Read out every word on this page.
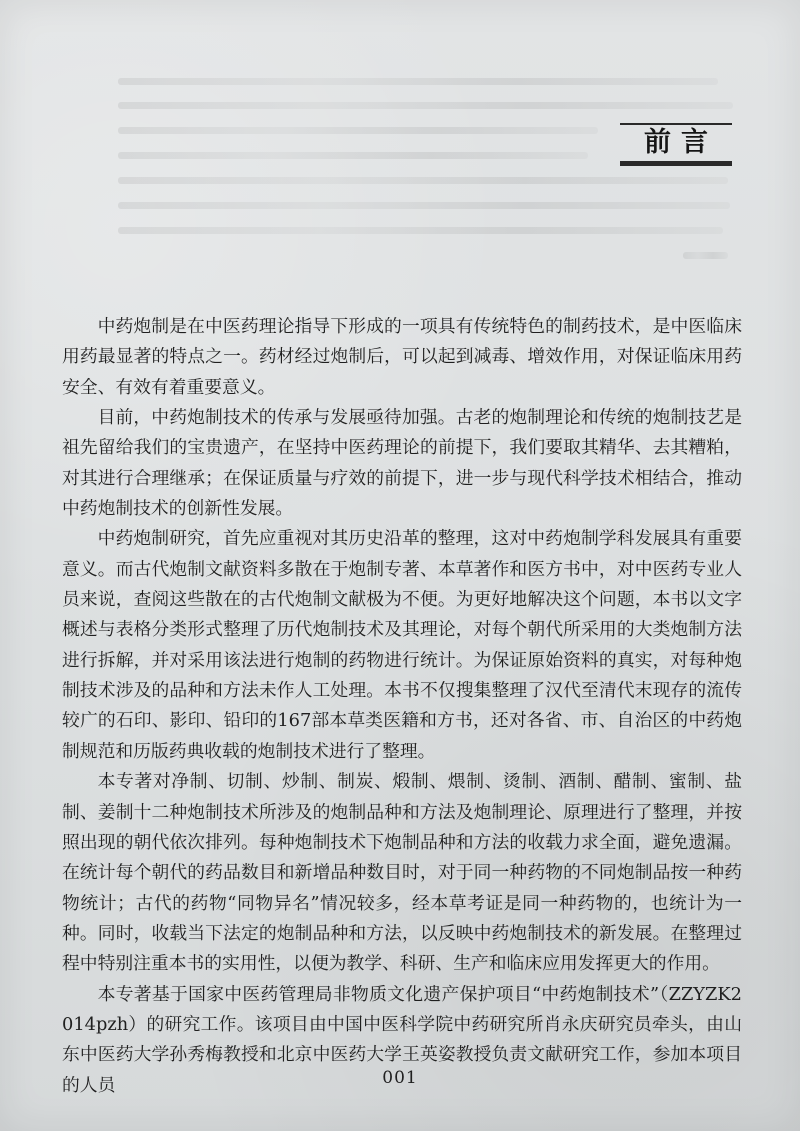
前言

中药炮制是在中医药理论指导下形成的一项具有传统特色的制药技术，是中医临床用药最显著的特点之一。药材经过炮制后，可以起到减毒、增效作用，对保证临床用药安全、有效有着重要意义。

目前，中药炮制技术的传承与发展亟待加强。古老的炮制理论和传统的炮制技艺是祖先留给我们的宝贵遗产，在坚持中医药理论的前提下，我们要取其精华、去其糟粕，对其进行合理继承；在保证质量与疗效的前提下，进一步与现代科学技术相结合，推动中药炮制技术的创新性发展。

中药炮制研究，首先应重视对其历史沿革的整理，这对中药炮制学科发展具有重要意义。而古代炮制文献资料多散在于炮制专著、本草著作和医方书中，对中医药专业人员来说，查阅这些散在的古代炮制文献极为不便。为更好地解决这个问题，本书以文字概述与表格分类形式整理了历代炮制技术及其理论，对每个朝代所采用的大类炮制方法进行拆解，并对采用该法进行炮制的药物进行统计。为保证原始资料的真实，对每种炮制技术涉及的品种和方法未作人工处理。本书不仅搜集整理了汉代至清代末现存的流传较广的石印、影印、铅印的167部本草类医籍和方书，还对各省、市、自治区的中药炮制规范和历版药典收载的炮制技术进行了整理。

本专著对净制、切制、炒制、制炭、煅制、煨制、烫制、酒制、醋制、蜜制、盐制、姜制十二种炮制技术所涉及的炮制品种和方法及炮制理论、原理进行了整理，并按照出现的朝代依次排列。每种炮制技术下炮制品种和方法的收载力求全面，避免遗漏。在统计每个朝代的药品数目和新增品种数目时，对于同一种药物的不同炮制品按一种药物统计；古代的药物“同物异名”情况较多，经本草考证是同一种药物的，也统计为一种。同时，收载当下法定的炮制品种和方法，以反映中药炮制技术的新发展。在整理过程中特别注重本书的实用性，以便为教学、科研、生产和临床应用发挥更大的作用。

本专著基于国家中医药管理局非物质文化遗产保护项目“中药炮制技术”（ZZYZK2014pzh）的研究工作。该项目由中国中医科学院中药研究所肖永庆研究员牵头，由山东中医药大学孙秀梅教授和北京中医药大学王英姿教授负责文献研究工作，参加本项目的人员	001
